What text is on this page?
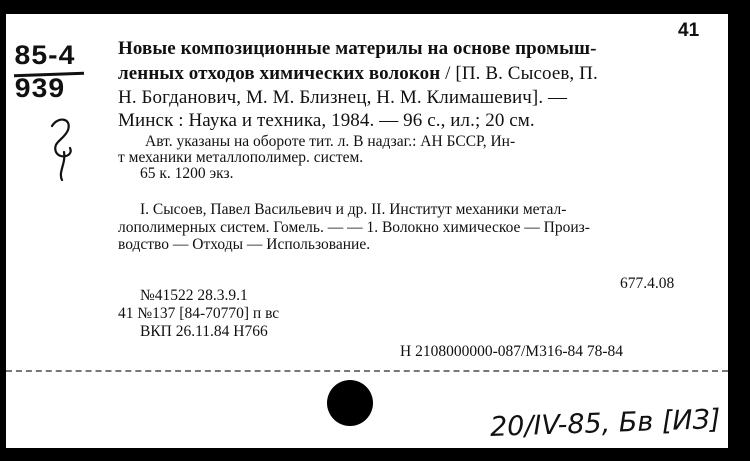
41
85-4
939
Новые композиционные материлы на основе промыш-
ленных отходов химических волокон / [П. В. Сысоев, П.
Н. Богданович, М. М. Близнец, Н. М. Климашевич]. —
Минск : Наука и техника, 1984. — 96 с., ил.; 20 см.
Авт. указаны на обороте тит. л. В надзаг.: АН БССР, Ин-
т механики металлополимер. систем.
65 к. 1200 экз.
I. Сысоев, Павел Васильевич и др. II. Институт механики метал-
лополимерных систем. Гомель. — — 1. Волокно химическое — Произ-
водство — Отходы — Использование.
677.4.08
№41522 28.3.9.1
41 №137 [84-70770] п вс
ВКП 26.11.84 Н766
Н 2108000000-087/М316-84 78-84
20/IV-85, Бв [ИЗ]
